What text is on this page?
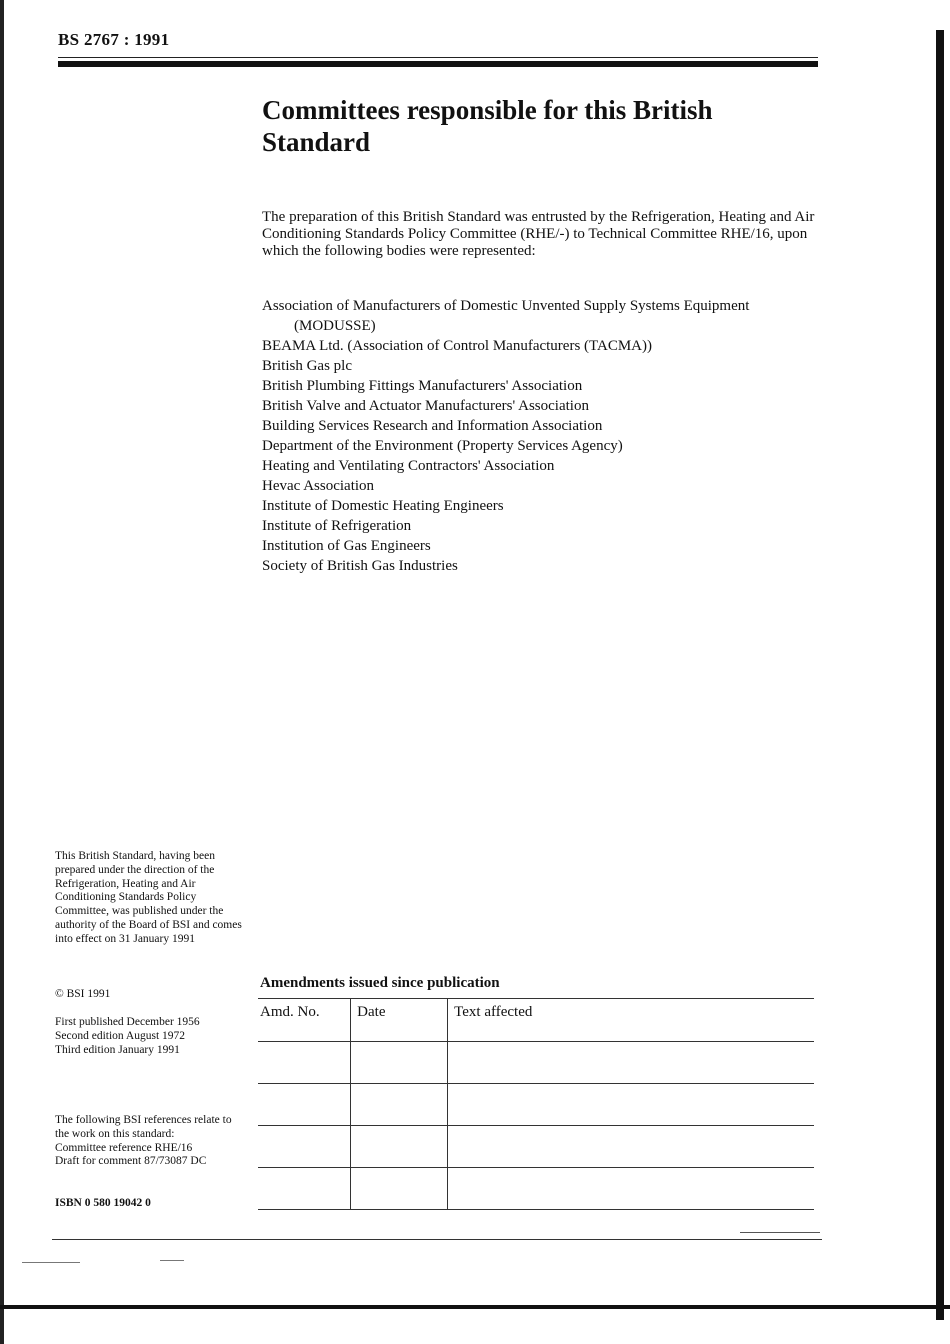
BS 2767 : 1991
Committees responsible for this British Standard
The preparation of this British Standard was entrusted by the Refrigeration, Heating and Air Conditioning Standards Policy Committee (RHE/-) to Technical Committee RHE/16, upon which the following bodies were represented:
Association of Manufacturers of Domestic Unvented Supply Systems Equipment (MODUSSE)
BEAMA Ltd. (Association of Control Manufacturers (TACMA))
British Gas plc
British Plumbing Fittings Manufacturers' Association
British Valve and Actuator Manufacturers' Association
Building Services Research and Information Association
Department of the Environment (Property Services Agency)
Heating and Ventilating Contractors' Association
Hevac Association
Institute of Domestic Heating Engineers
Institute of Refrigeration
Institution of Gas Engineers
Society of British Gas Industries
This British Standard, having been prepared under the direction of the Refrigeration, Heating and Air Conditioning Standards Policy Committee, was published under the authority of the Board of BSI and comes into effect on 31 January 1991
© BSI 1991
First published December 1956
Second edition August 1972
Third edition January 1991
The following BSI references relate to the work on this standard:
Committee reference RHE/16
Draft for comment 87/73087 DC
ISBN 0 580 19042 0
Amendments issued since publication
Amd. No.	Date	Text affected
